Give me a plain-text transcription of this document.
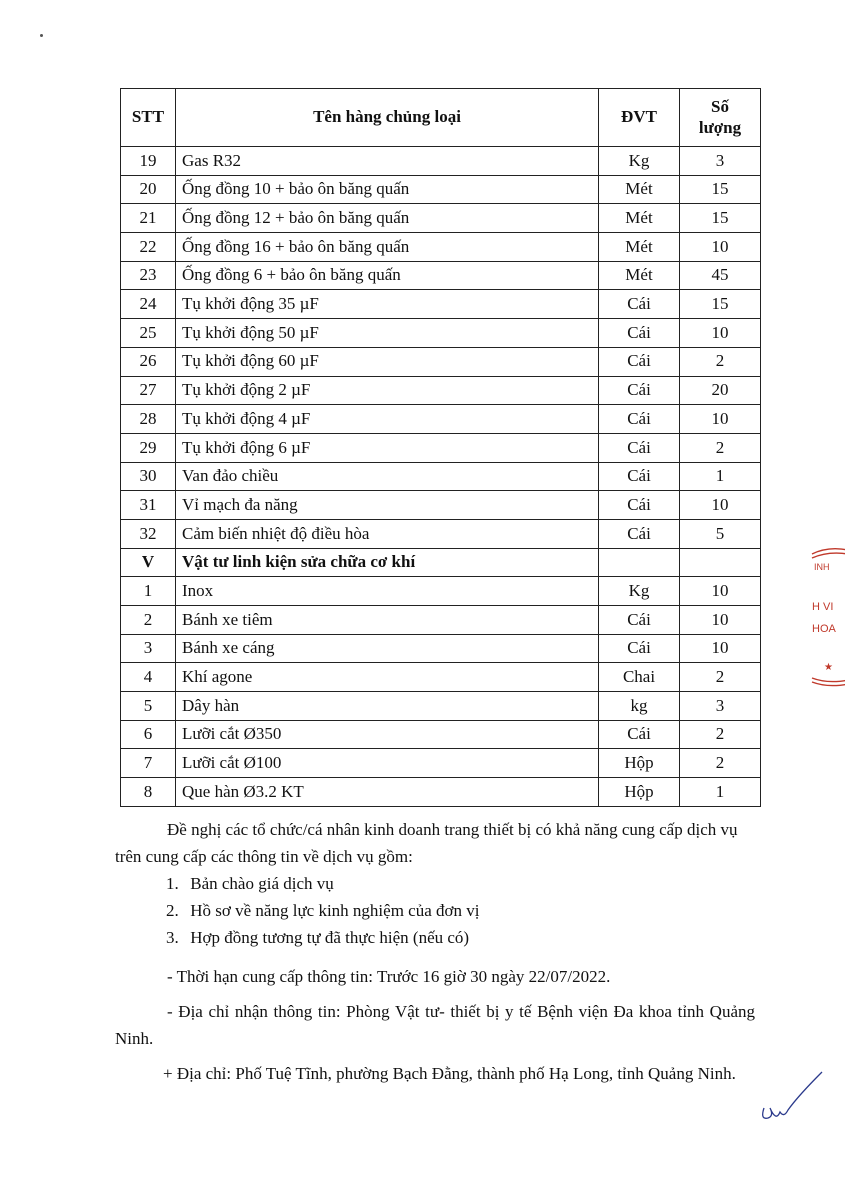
STT	Tên hàng chủng loại	ĐVT	Số
lượng
19	Gas R32	Kg	3
20	Ống đồng 10 + bảo ôn băng quấn	Mét	15
21	Ống đồng 12 + bảo ôn băng quấn	Mét	15
22	Ống đồng 16 + bảo ôn băng quấn	Mét	10
23	Ống đồng 6 + bảo ôn băng quấn	Mét	45
24	Tụ khởi động 35 µF	Cái	15
25	Tụ khởi động 50 µF	Cái	10
26	Tụ khởi động 60 µF	Cái	2
27	Tụ khởi động 2 µF	Cái	20
28	Tụ khởi động 4 µF	Cái	10
29	Tụ khởi động 6 µF	Cái	2
30	Van đảo chiều	Cái	1
31	Vỉ mạch đa năng	Cái	10
32	Cảm biến nhiệt độ điều hòa	Cái	5
V	Vật tư linh kiện sửa chữa cơ khí		
1	Inox	Kg	10
2	Bánh xe tiêm	Cái	10
3	Bánh xe cáng	Cái	10
4	Khí agone	Chai	2
5	Dây hàn	kg	3
6	Lưỡi cắt Ø350	Cái	2
7	Lưỡi cắt Ø100	Hộp	2
8	Que hàn Ø3.2 KT	Hộp	1
Đề nghị các tổ chức/cá nhân kinh doanh trang thiết bị có khả năng cung cấp dịch vụ trên cung cấp các thông tin về dịch vụ gồm:
1. Bản chào giá dịch vụ
2. Hồ sơ về năng lực kinh nghiệm của đơn vị
3. Hợp đồng tương tự đã thực hiện (nếu có)
- Thời hạn cung cấp thông tin: Trước 16 giờ 30 ngày 22/07/2022.
- Địa chỉ nhận thông tin: Phòng Vật tư- thiết bị y tế Bệnh viện Đa khoa tỉnh Quảng Ninh.
+ Địa chỉ: Phố Tuệ Tĩnh, phường Bạch Đằng, thành phố Hạ Long, tỉnh Quảng Ninh.
INH
H VI
HOA
★
